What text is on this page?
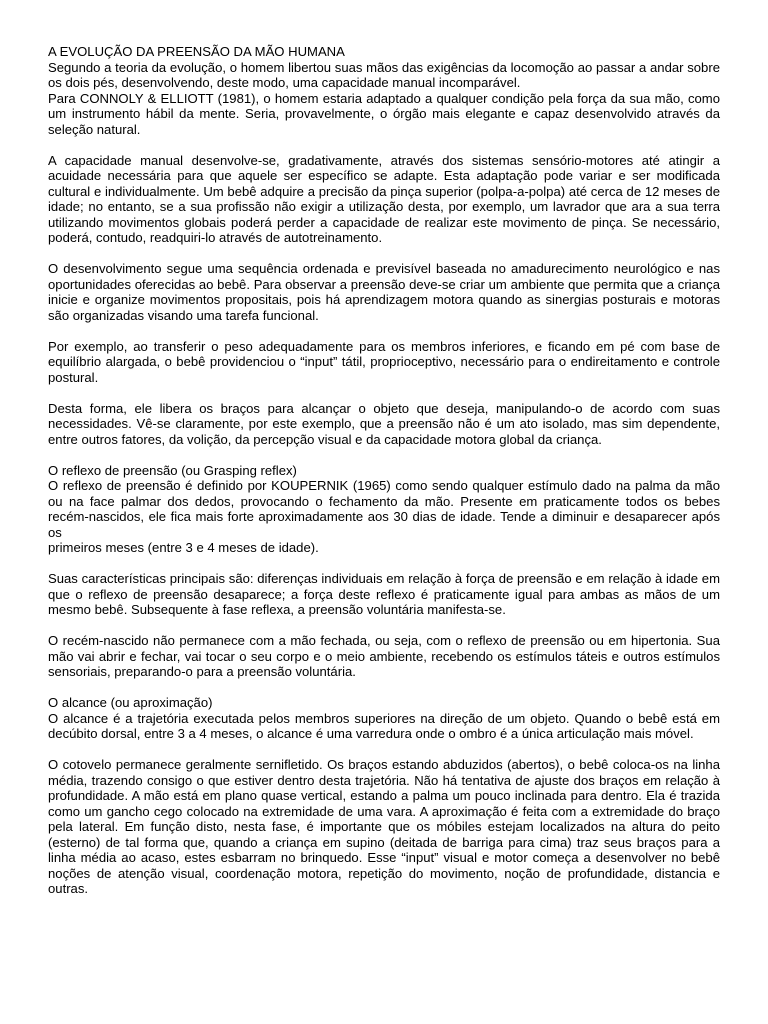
A EVOLUÇÃO DA PREENSÃO DA MÃO HUMANA

Segundo a teoria da evolução, o homem libertou suas mãos das exigências da locomoção ao passar a andar sobre os dois pés, desenvolvendo, deste modo, uma capacidade manual incomparável.

Para CONNOLY & ELLIOTT (1981), o homem estaria adaptado a qualquer condição pela força da sua mão, como um instrumento hábil da mente. Seria, provavelmente, o órgão mais elegante e capaz desenvolvido através da seleção natural.

A capacidade manual desenvolve-se, gradativamente, através dos sistemas sensório-motores até atingir a acuidade necessária para que aquele ser específico se adapte. Esta adaptação pode variar e ser modificada cultural e individualmente. Um bebê adquire a precisão da pinça superior (polpa-a-polpa) até cerca de 12 meses de idade; no entanto, se a sua profissão não exigir a utilização desta, por exemplo, um lavrador que ara a sua terra utilizando movimentos globais poderá perder a capacidade de realizar este movimento de pinça. Se necessário, poderá, contudo, readquiri-lo através de autotreinamento.

O desenvolvimento segue uma sequência ordenada e previsível baseada no amadurecimento neurológico e nas oportunidades oferecidas ao bebê. Para observar a preensão deve-se criar um ambiente que permita que a criança inicie e organize movimentos propositais, pois há aprendizagem motora quando as sinergias posturais e motoras são organizadas visando uma tarefa funcional.

Por exemplo, ao transferir o peso adequadamente para os membros inferiores, e ficando em pé com base de equilíbrio alargada, o bebê providenciou o “input” tátil, proprioceptivo, necessário para o endireitamento e controle postural.

Desta forma, ele libera os braços para alcançar o objeto que deseja, manipulando-o de acordo com suas necessidades. Vê-se claramente, por este exemplo, que a preensão não é um ato isolado, mas sim dependente, entre outros fatores, da volição, da percepção visual e da capacidade motora global da criança.

O reflexo de preensão (ou Grasping reflex)

O reflexo de preensão é definido por KOUPERNIK (1965) como sendo qualquer estímulo dado na palma da mão ou na face palmar dos dedos, provocando o fechamento da mão. Presente em praticamente todos os bebes recém-nascidos, ele fica mais forte aproximadamente aos 30 dias de idade. Tende a diminuir e desaparecer após os

primeiros meses (entre 3 e 4 meses de idade).

Suas características principais são: diferenças individuais em relação à força de preensão e em relação à idade em que o reflexo de preensão desaparece; a força deste reflexo é praticamente igual para ambas as mãos de um mesmo bebê. Subsequente à fase reflexa, a preensão voluntária manifesta-se.

O recém-nascido não permanece com a mão fechada, ou seja, com o reflexo de preensão ou em hipertonia. Sua mão vai abrir e fechar, vai tocar o seu corpo e o meio ambiente, recebendo os estímulos táteis e outros estímulos sensoriais, preparando-o para a preensão voluntária.

O alcance (ou aproximação)

O alcance é a trajetória executada pelos membros superiores na direção de um objeto. Quando o bebê está em decúbito dorsal, entre 3 a 4 meses, o alcance é uma varredura onde o ombro é a única articulação mais móvel.

O cotovelo permanece geralmente sernifletido. Os braços estando abduzidos (abertos), o bebê coloca-os na linha média, trazendo consigo o que estiver dentro desta trajetória. Não há tentativa de ajuste dos braços em relação à profundidade. A mão está em plano quase vertical, estando a palma um pouco inclinada para dentro. Ela é trazida como um gancho cego colocado na extremidade de uma vara. A aproximação é feita com a extremidade do braço pela lateral. Em função disto, nesta fase, é importante que os móbiles estejam localizados na altura do peito (esterno) de tal forma que, quando a criança em supino (deitada de barriga para cima) traz seus braços para a linha média ao acaso, estes esbarram no brinquedo. Esse “input” visual e motor começa a desenvolver no bebê noções de atenção visual, coordenação motora, repetição do movimento, noção de profundidade, distancia e outras.
